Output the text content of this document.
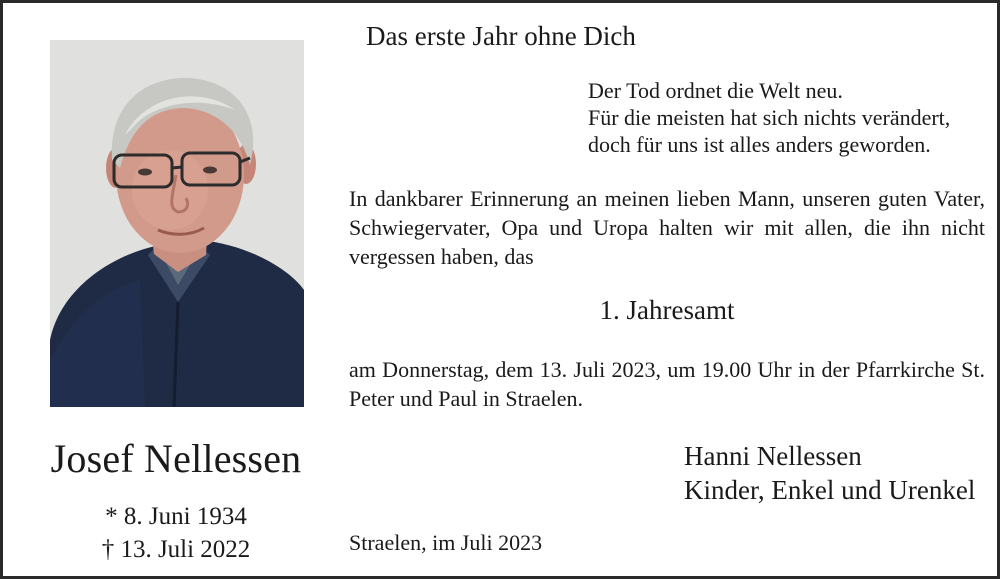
Josef Nellessen
* 8. Juni 1934
† 13. Juli 2022
Das erste Jahr ohne Dich
Der Tod ordnet die Welt neu.
Für die meisten hat sich nichts verändert,
doch für uns ist alles anders geworden.
In dankbarer Erinnerung an meinen lieben Mann, unseren guten Vater, Schwiegervater, Opa und Uropa halten wir mit allen, die ihn nicht vergessen haben, das
1. Jahresamt
am Donnerstag, dem 13. Juli 2023, um 19.00 Uhr in der Pfarrkirche St. Peter und Paul in Straelen.
Hanni Nellessen
Kinder, Enkel und Urenkel
Straelen, im Juli 2023
